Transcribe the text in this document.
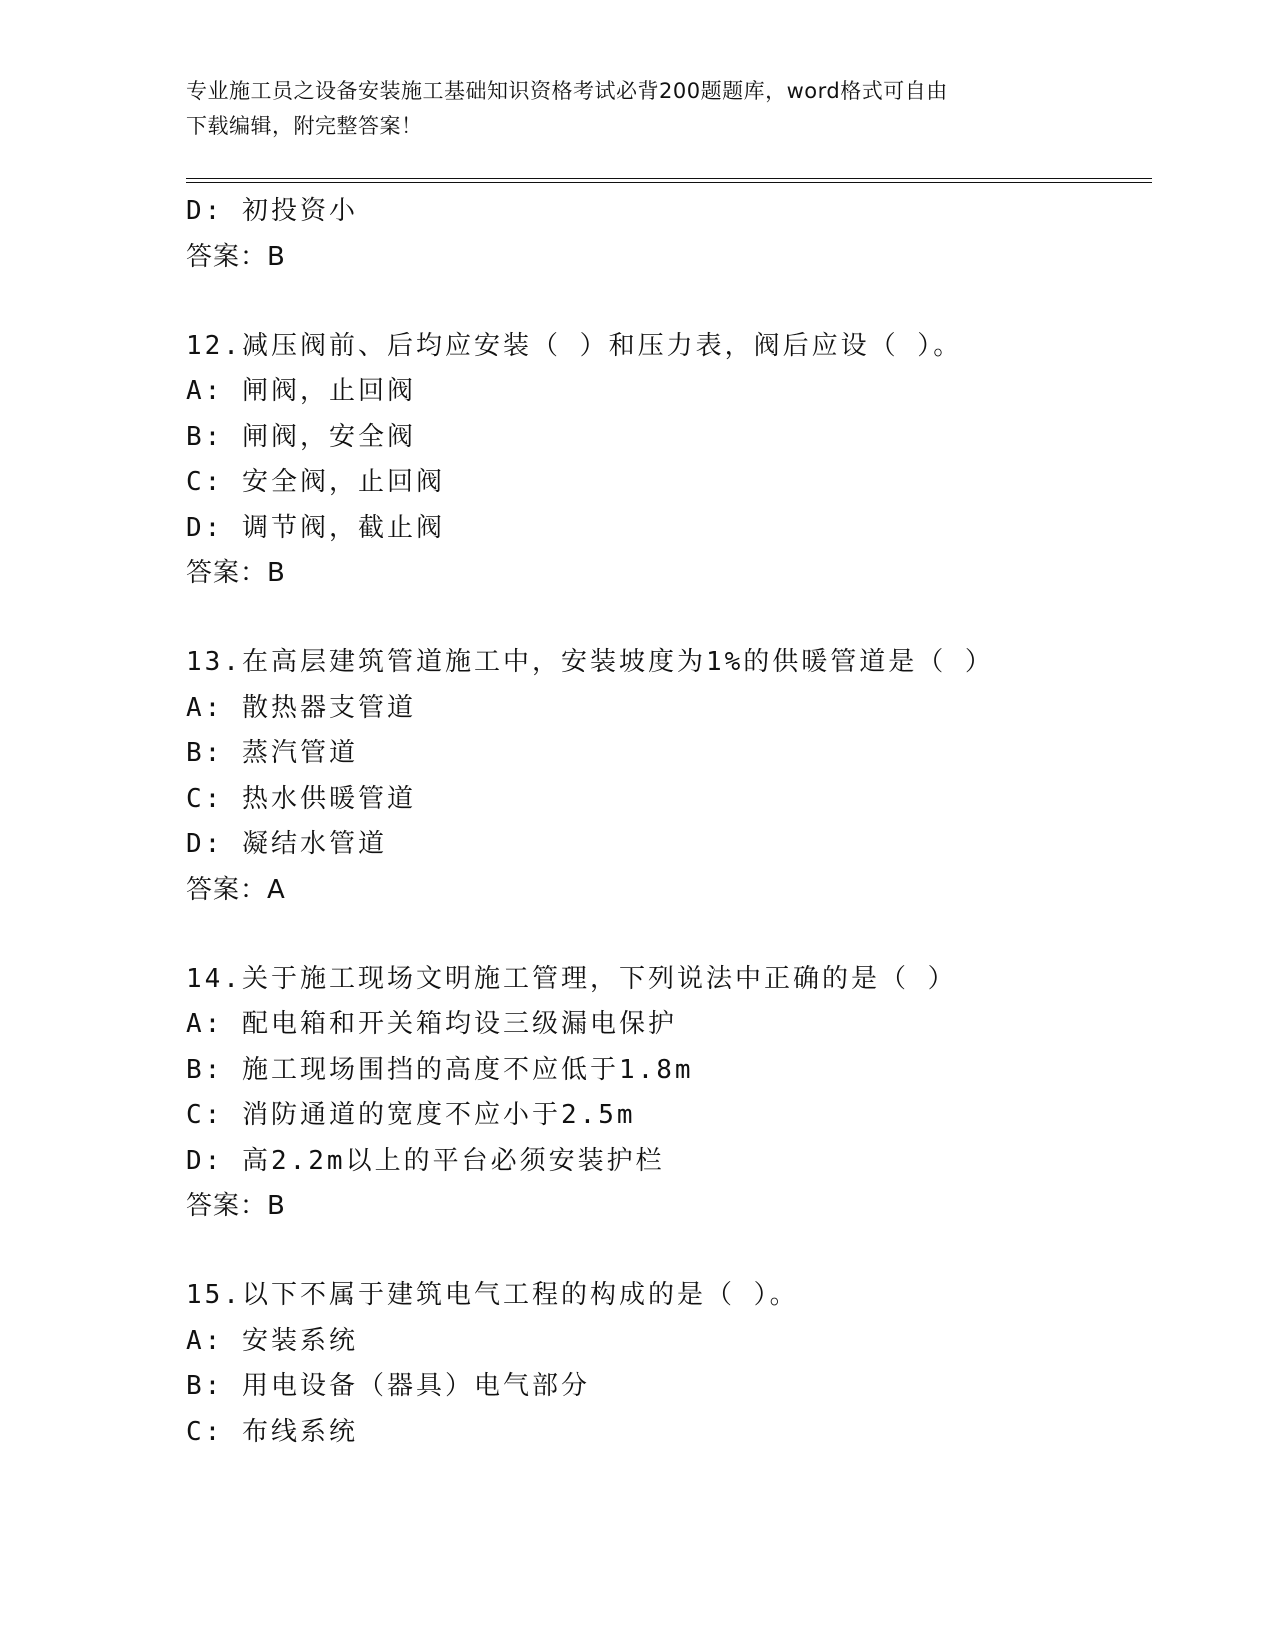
专业施工员之设备安装施工基础知识资格考试必背200题题库，word格式可自由
下载编辑，附完整答案！
D: 初投资小
答案：B
12.减压阀前、后均应安装（ ）和压力表，阀后应设（ ）。
A: 闸阀，止回阀
B: 闸阀，安全阀
C: 安全阀，止回阀
D: 调节阀，截止阀
答案：B
13.在高层建筑管道施工中，安装坡度为1%的供暖管道是（ ）
A: 散热器支管道
B: 蒸汽管道
C: 热水供暖管道
D: 凝结水管道
答案：A
14.关于施工现场文明施工管理，下列说法中正确的是（ ）
A: 配电箱和开关箱均设三级漏电保护
B: 施工现场围挡的高度不应低于1.8m
C: 消防通道的宽度不应小于2.5m
D: 高2.2m以上的平台必须安装护栏
答案：B
15.以下不属于建筑电气工程的构成的是（ ）。
A: 安装系统
B: 用电设备（器具）电气部分
C: 布线系统
